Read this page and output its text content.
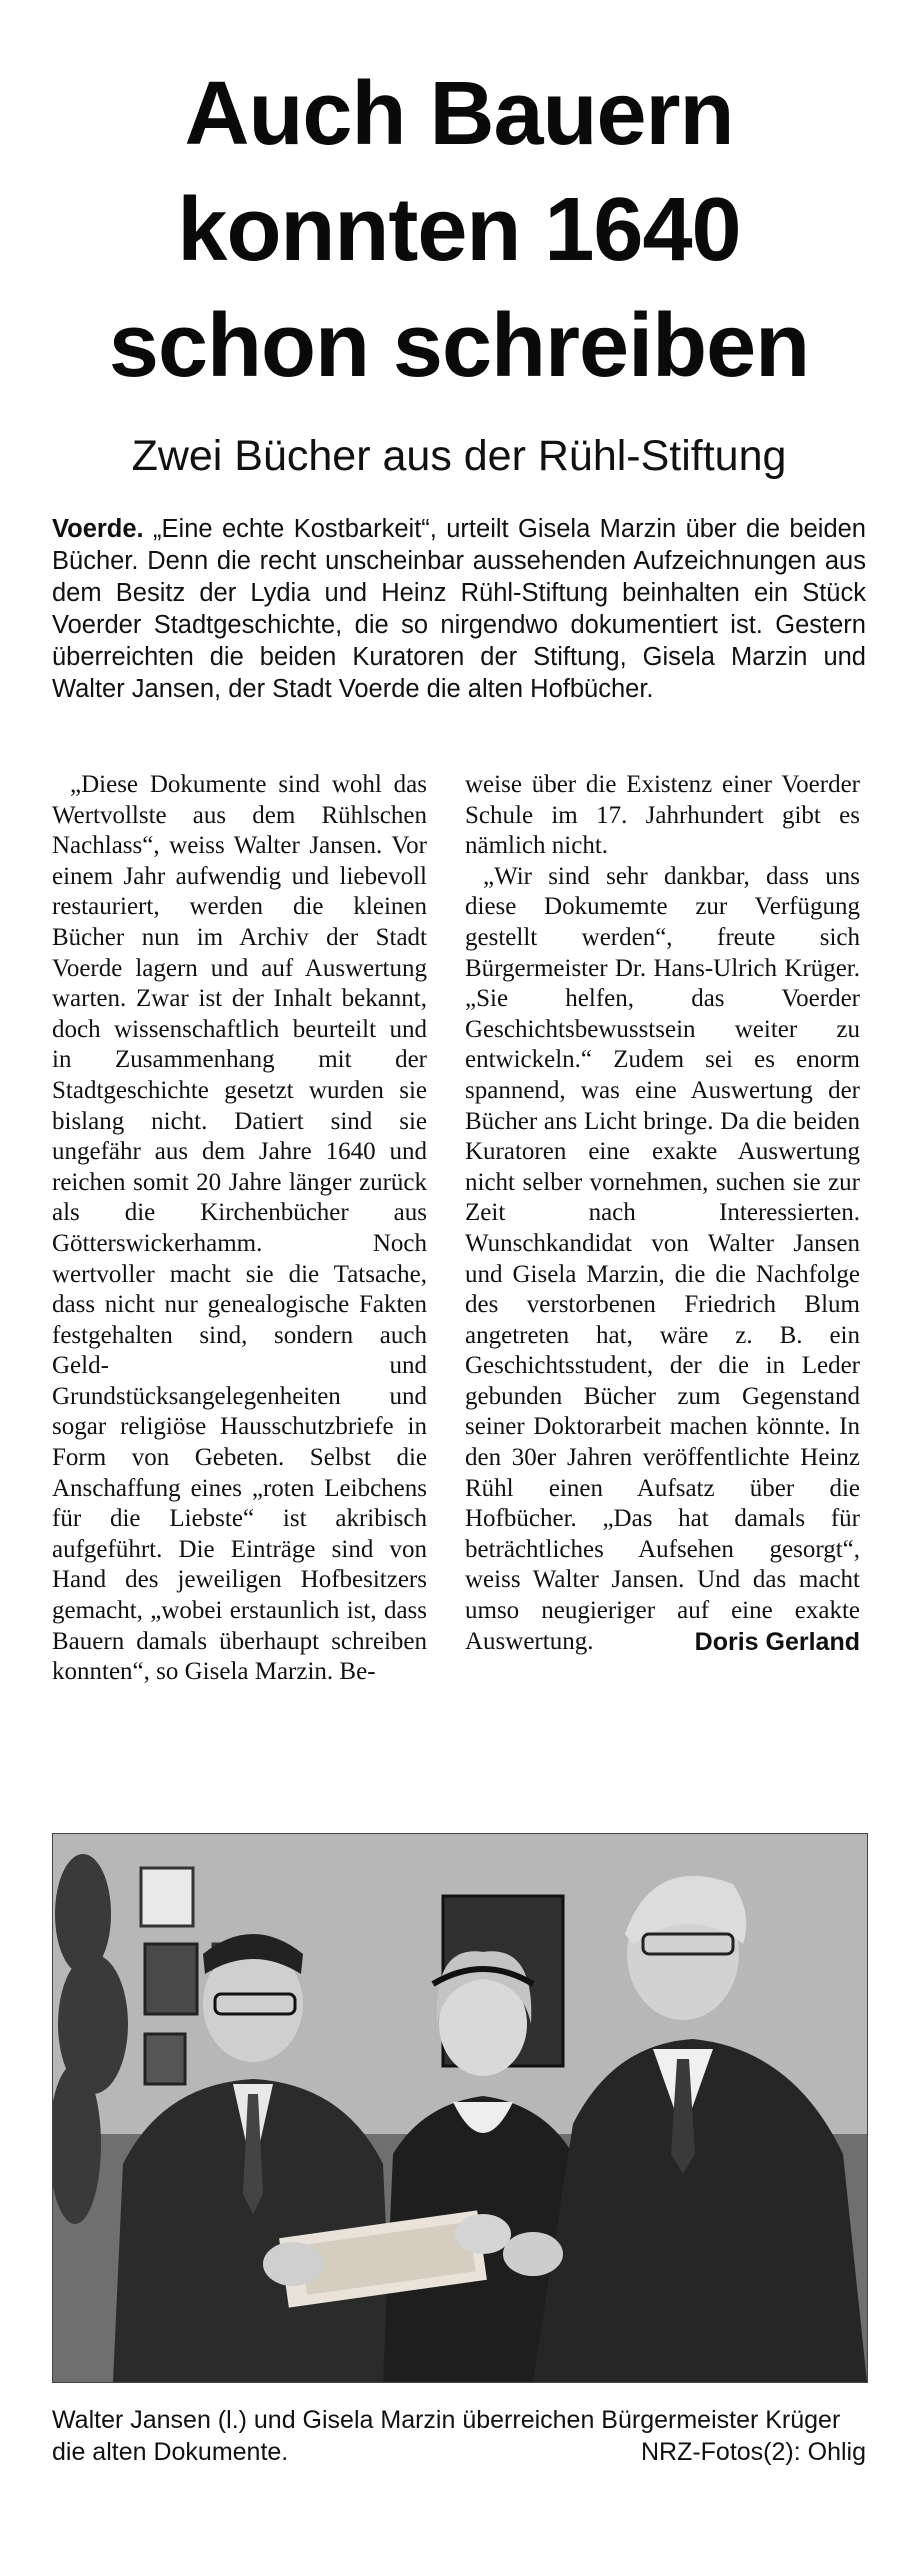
Auch Bauern
konnten 1640
schon schreiben
Zwei Bücher aus der Rühl-Stiftung
Voerde. „Eine echte Kostbarkeit“, urteilt Gisela Marzin über die beiden Bücher. Denn die recht unscheinbar aussehenden Aufzeichnungen aus dem Besitz der Lydia und Heinz Rühl-Stiftung beinhalten ein Stück Voerder Stadtgeschichte, die so nirgendwo dokumentiert ist. Gestern überreichten die beiden Kuratoren der Stiftung, Gisela Marzin und Walter Jansen, der Stadt Voerde die alten Hofbücher.

„Diese Dokumente sind wohl das Wertvollste aus dem Rühlschen Nachlass“, weiss Walter Jansen. Vor einem Jahr aufwendig und liebevoll restauriert, werden die kleinen Bücher nun im Archiv der Stadt Voerde lagern und auf Auswertung warten. Zwar ist der Inhalt bekannt, doch wissenschaftlich beurteilt und in Zusammenhang mit der Stadtgeschichte gesetzt wurden sie bislang nicht. Datiert sind sie ungefähr aus dem Jahre 1640 und reichen somit 20 Jahre länger zurück als die Kirchenbücher aus Götterswickerhamm. Noch wertvoller macht sie die Tatsache, dass nicht nur genealogische Fakten festgehalten sind, sondern auch Geld- und Grundstücksangelegenheiten und sogar religiöse Hausschutzbriefe in Form von Gebeten. Selbst die Anschaffung eines „roten Leibchens für die Liebste“ ist akribisch aufgeführt. Die Einträge sind von Hand des jeweiligen Hofbesitzers gemacht, „wobei erstaunlich ist, dass Bauern damals überhaupt schreiben konnten“, so Gisela Marzin. Be-

weise über die Existenz einer Voerder Schule im 17. Jahrhundert gibt es nämlich nicht.

„Wir sind sehr dankbar, dass uns diese Dokumemte zur Verfügung gestellt werden“, freute sich Bürgermeister Dr. Hans-Ulrich Krüger. „Sie helfen, das Voerder Geschichtsbewusstsein weiter zu entwickeln.“ Zudem sei es enorm spannend, was eine Auswertung der Bücher ans Licht bringe. Da die beiden Kuratoren eine exakte Auswertung nicht selber vornehmen, suchen sie zur Zeit nach Interessierten. Wunschkandidat von Walter Jansen und Gisela Marzin, die die Nachfolge des verstorbenen Friedrich Blum angetreten hat, wäre z. B. ein Geschichtsstudent, der die in Leder gebunden Bücher zum Gegenstand seiner Doktorarbeit machen könnte. In den 30er Jahren veröffentlichte Heinz Rühl einen Aufsatz über die Hofbücher. „Das hat damals für beträchtliches Aufsehen gesorgt“, weiss Walter Jansen. Und das macht umso neugieriger auf eine exakte Auswertung.	Doris Gerland

Walter Jansen (l.) und Gisela Marzin überreichen Bürgermeister Krüger die alten Dokumente.	NRZ-Fotos(2): Ohlig
